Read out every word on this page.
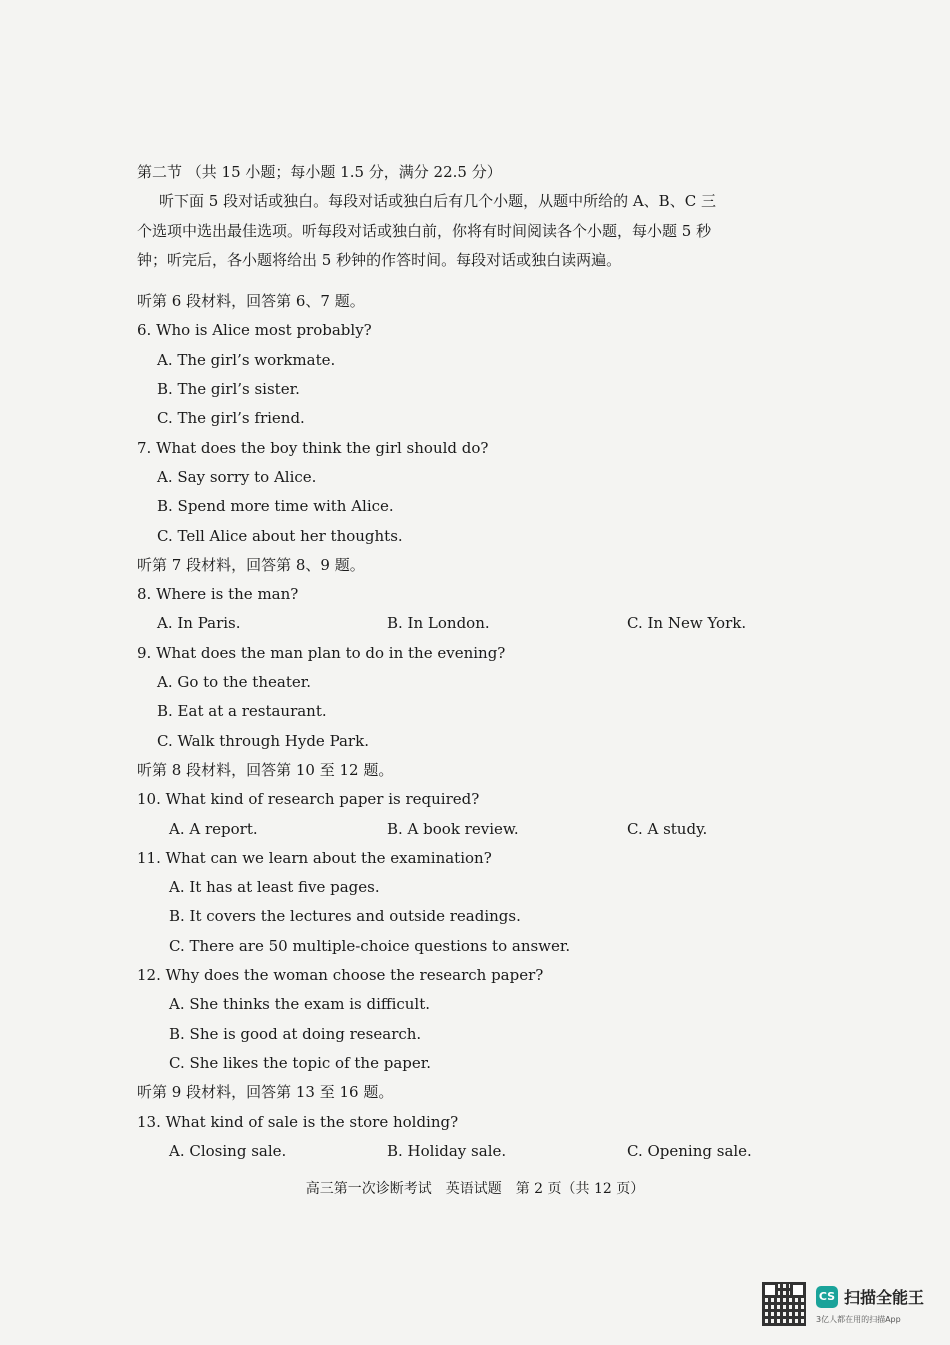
第二节 （共 15 小题；每小题 1.5 分，满分 22.5 分）
听下面 5 段对话或独白。每段对话或独白后有几个小题，从题中所给的 A、B、C 三
个选项中选出最佳选项。听每段对话或独白前，你将有时间阅读各个小题，每小题 5 秒
钟；听完后，各小题将给出 5 秒钟的作答时间。每段对话或独白读两遍。
听第 6 段材料，回答第 6、7 题。
6. Who is Alice most probably?
A. The girl’s workmate.
B. The girl’s sister.
C. The girl’s friend.
7. What does the boy think the girl should do?
A. Say sorry to Alice.
B. Spend more time with Alice.
C. Tell Alice about her thoughts.
听第 7 段材料，回答第 8、9 题。
8. Where is the man?
A. In Paris.	B. In London.	C. In New York.
9. What does the man plan to do in the evening?
A. Go to the theater.
B. Eat at a restaurant.
C. Walk through Hyde Park.
听第 8 段材料，回答第 10 至 12 题。
10. What kind of research paper is required?
A. A report.	B. A book review.	C. A study.
11. What can we learn about the examination?
A. It has at least five pages.
B. It covers the lectures and outside readings.
C. There are 50 multiple-choice questions to answer.
12. Why does the woman choose the research paper?
A. She thinks the exam is difficult.
B. She is good at doing research.
C. She likes the topic of the paper.
听第 9 段材料，回答第 13 至 16 题。
13. What kind of sale is the store holding?
A. Closing sale.	B. Holiday sale.	C. Opening sale.
高三第一次诊断考试　英语试题　第 2 页（共 12 页）
CS 扫描全能王
3亿人都在用的扫描App
